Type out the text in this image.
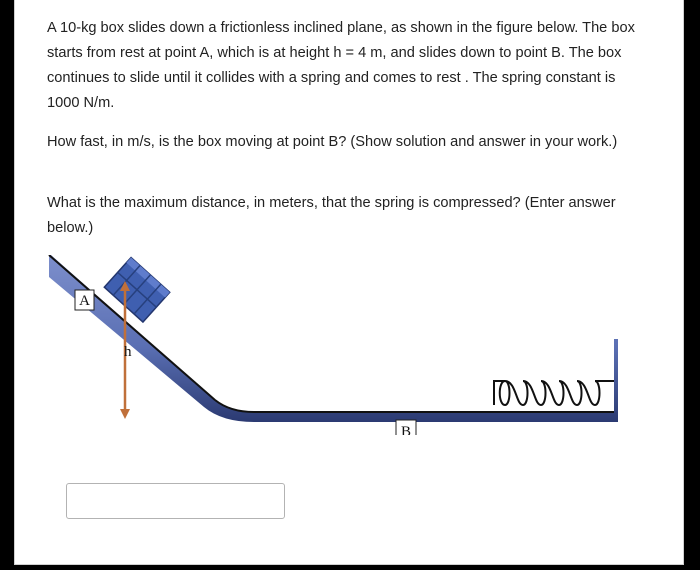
A 10-kg box slides down a frictionless inclined plane, as shown in the figure below. The box starts from rest at point A, which is at height h = 4 m, and slides down to point B. The box continues to slide until it collides with a spring and comes to rest . The spring constant is 1000 N/m.

How fast, in m/s, is the box moving at point B? (Show solution and answer in your work.)

What is the maximum distance, in meters, that the spring is compressed? (Enter answer below.)

A
h
B
